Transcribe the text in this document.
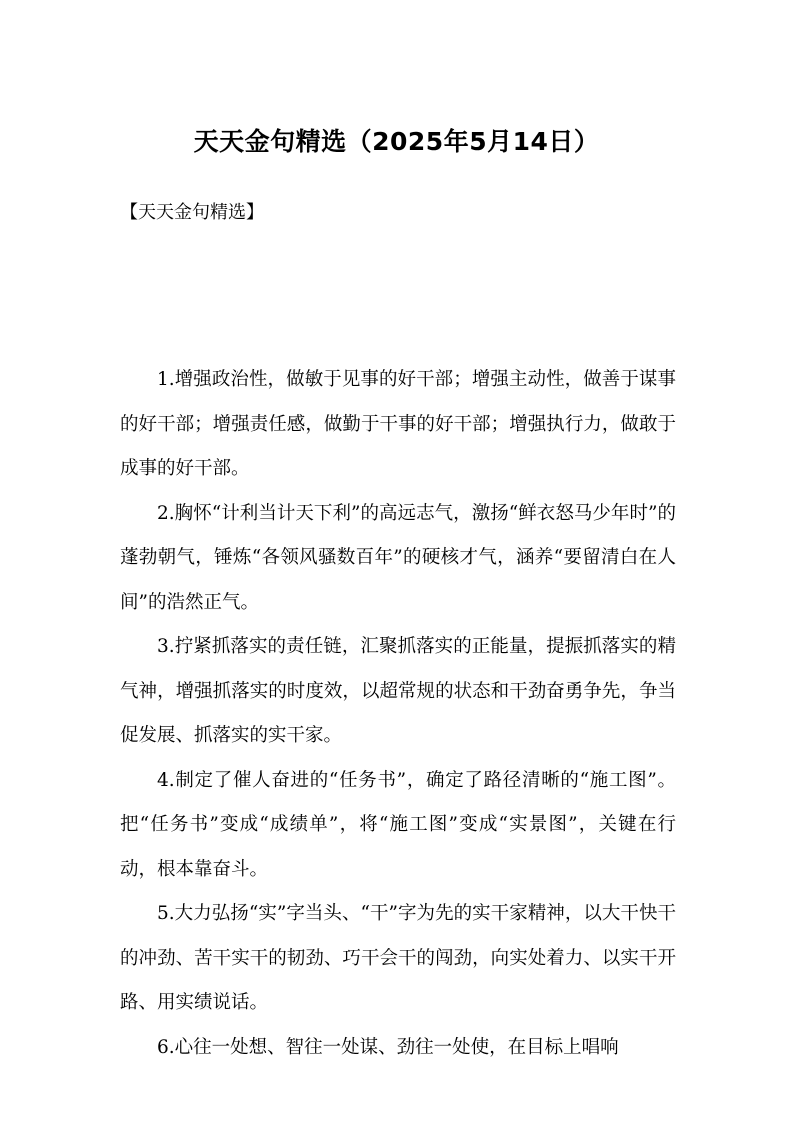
天天金句精选（2025年5月14日）
【天天金句精选】

1.增强政治性，做敏于见事的好干部；增强主动性，做善于谋事的好干部；增强责任感，做勤于干事的好干部；增强执行力，做敢于成事的好干部。

2.胸怀“计利当计天下利”的高远志气，激扬“鲜衣怒马少年时”的蓬勃朝气，锤炼“各领风骚数百年”的硬核才气，涵养“要留清白在人间”的浩然正气。

3.拧紧抓落实的责任链，汇聚抓落实的正能量，提振抓落实的精气神，增强抓落实的时度效，以超常规的状态和干劲奋勇争先，争当促发展、抓落实的实干家。

4.制定了催人奋进的“任务书”，确定了路径清晰的“施工图”。把“任务书”变成“成绩单”，将“施工图”变成“实景图”，关键在行动，根本靠奋斗。

5.大力弘扬“实”字当头、“干”字为先的实干家精神，以大干快干的冲劲、苦干实干的韧劲、巧干会干的闯劲，向实处着力、以实干开路、用实绩说话。

6.心往一处想、智往一处谋、劲往一处使，在目标上唱响
